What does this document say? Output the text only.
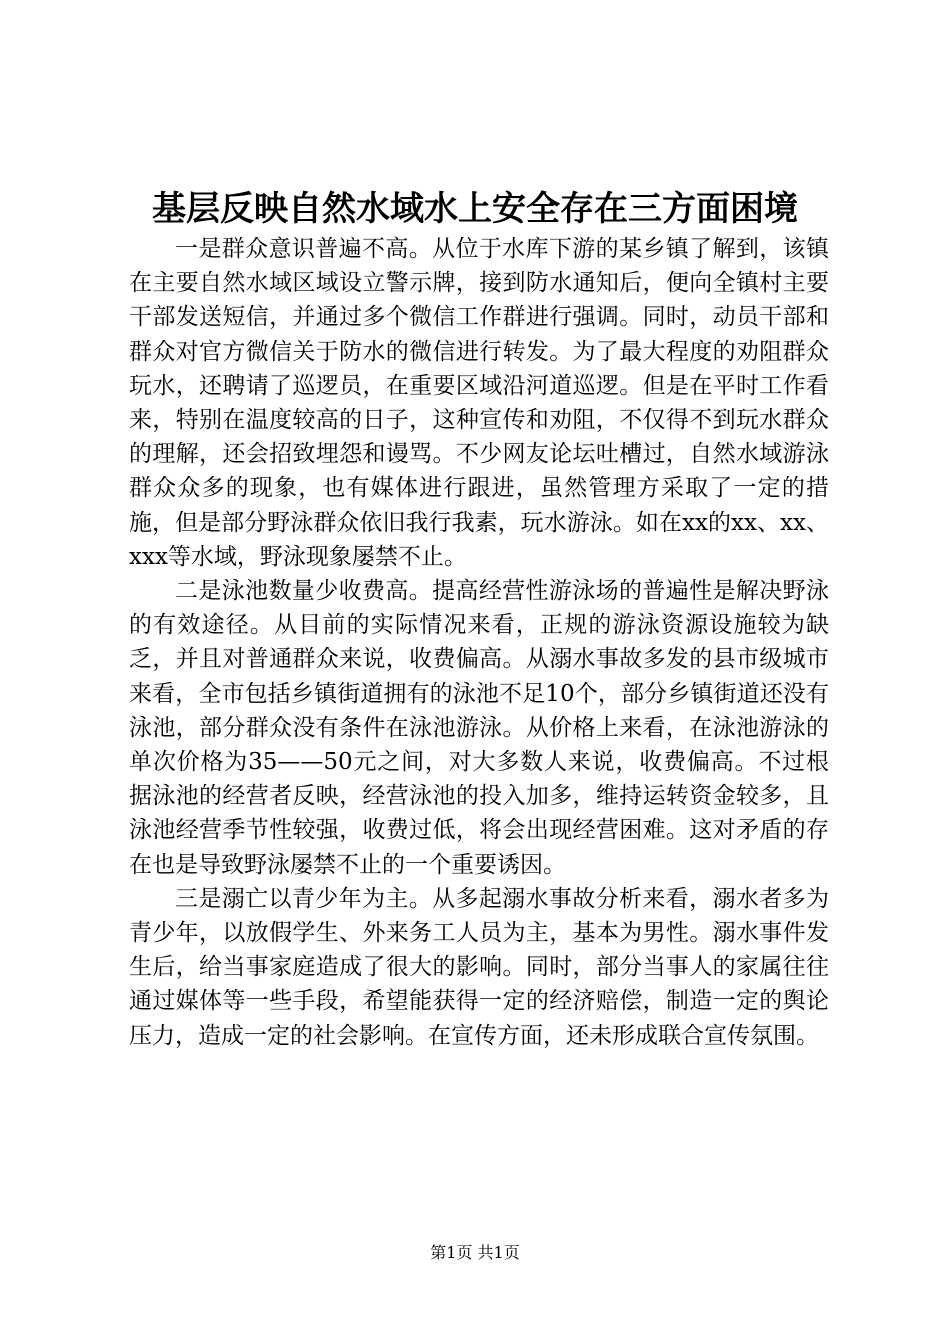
基层反映自然水域水上安全存在三方面困境

一是群众意识普遍不高。从位于水库下游的某乡镇了解到，该镇在主要自然水域区域设立警示牌，接到防水通知后，便向全镇村主要干部发送短信，并通过多个微信工作群进行强调。同时，动员干部和群众对官方微信关于防水的微信进行转发。为了最大程度的劝阻群众玩水，还聘请了巡逻员，在重要区域沿河道巡逻。但是在平时工作看来，特别在温度较高的日子，这种宣传和劝阻，不仅得不到玩水群众的理解，还会招致埋怨和谩骂。不少网友论坛吐槽过，自然水域游泳群众众多的现象，也有媒体进行跟进，虽然管理方采取了一定的措施，但是部分野泳群众依旧我行我素，玩水游泳。如在xx的xx、xx、xxx等水域，野泳现象屡禁不止。

二是泳池数量少收费高。提高经营性游泳场的普遍性是解决野泳的有效途径。从目前的实际情况来看，正规的游泳资源设施较为缺乏，并且对普通群众来说，收费偏高。从溺水事故多发的县市级城市来看，全市包括乡镇街道拥有的泳池不足10个，部分乡镇街道还没有泳池，部分群众没有条件在泳池游泳。从价格上来看，在泳池游泳的单次价格为35——50元之间，对大多数人来说，收费偏高。不过根据泳池的经营者反映，经营泳池的投入加多，维持运转资金较多，且泳池经营季节性较强，收费过低，将会出现经营困难。这对矛盾的存在也是导致野泳屡禁不止的一个重要诱因。

三是溺亡以青少年为主。从多起溺水事故分析来看，溺水者多为青少年，以放假学生、外来务工人员为主，基本为男性。溺水事件发生后，给当事家庭造成了很大的影响。同时，部分当事人的家属往往通过媒体等一些手段，希望能获得一定的经济赔偿，制造一定的舆论压力，造成一定的社会影响。在宣传方面，还未形成联合宣传氛围。

第1页 共1页
